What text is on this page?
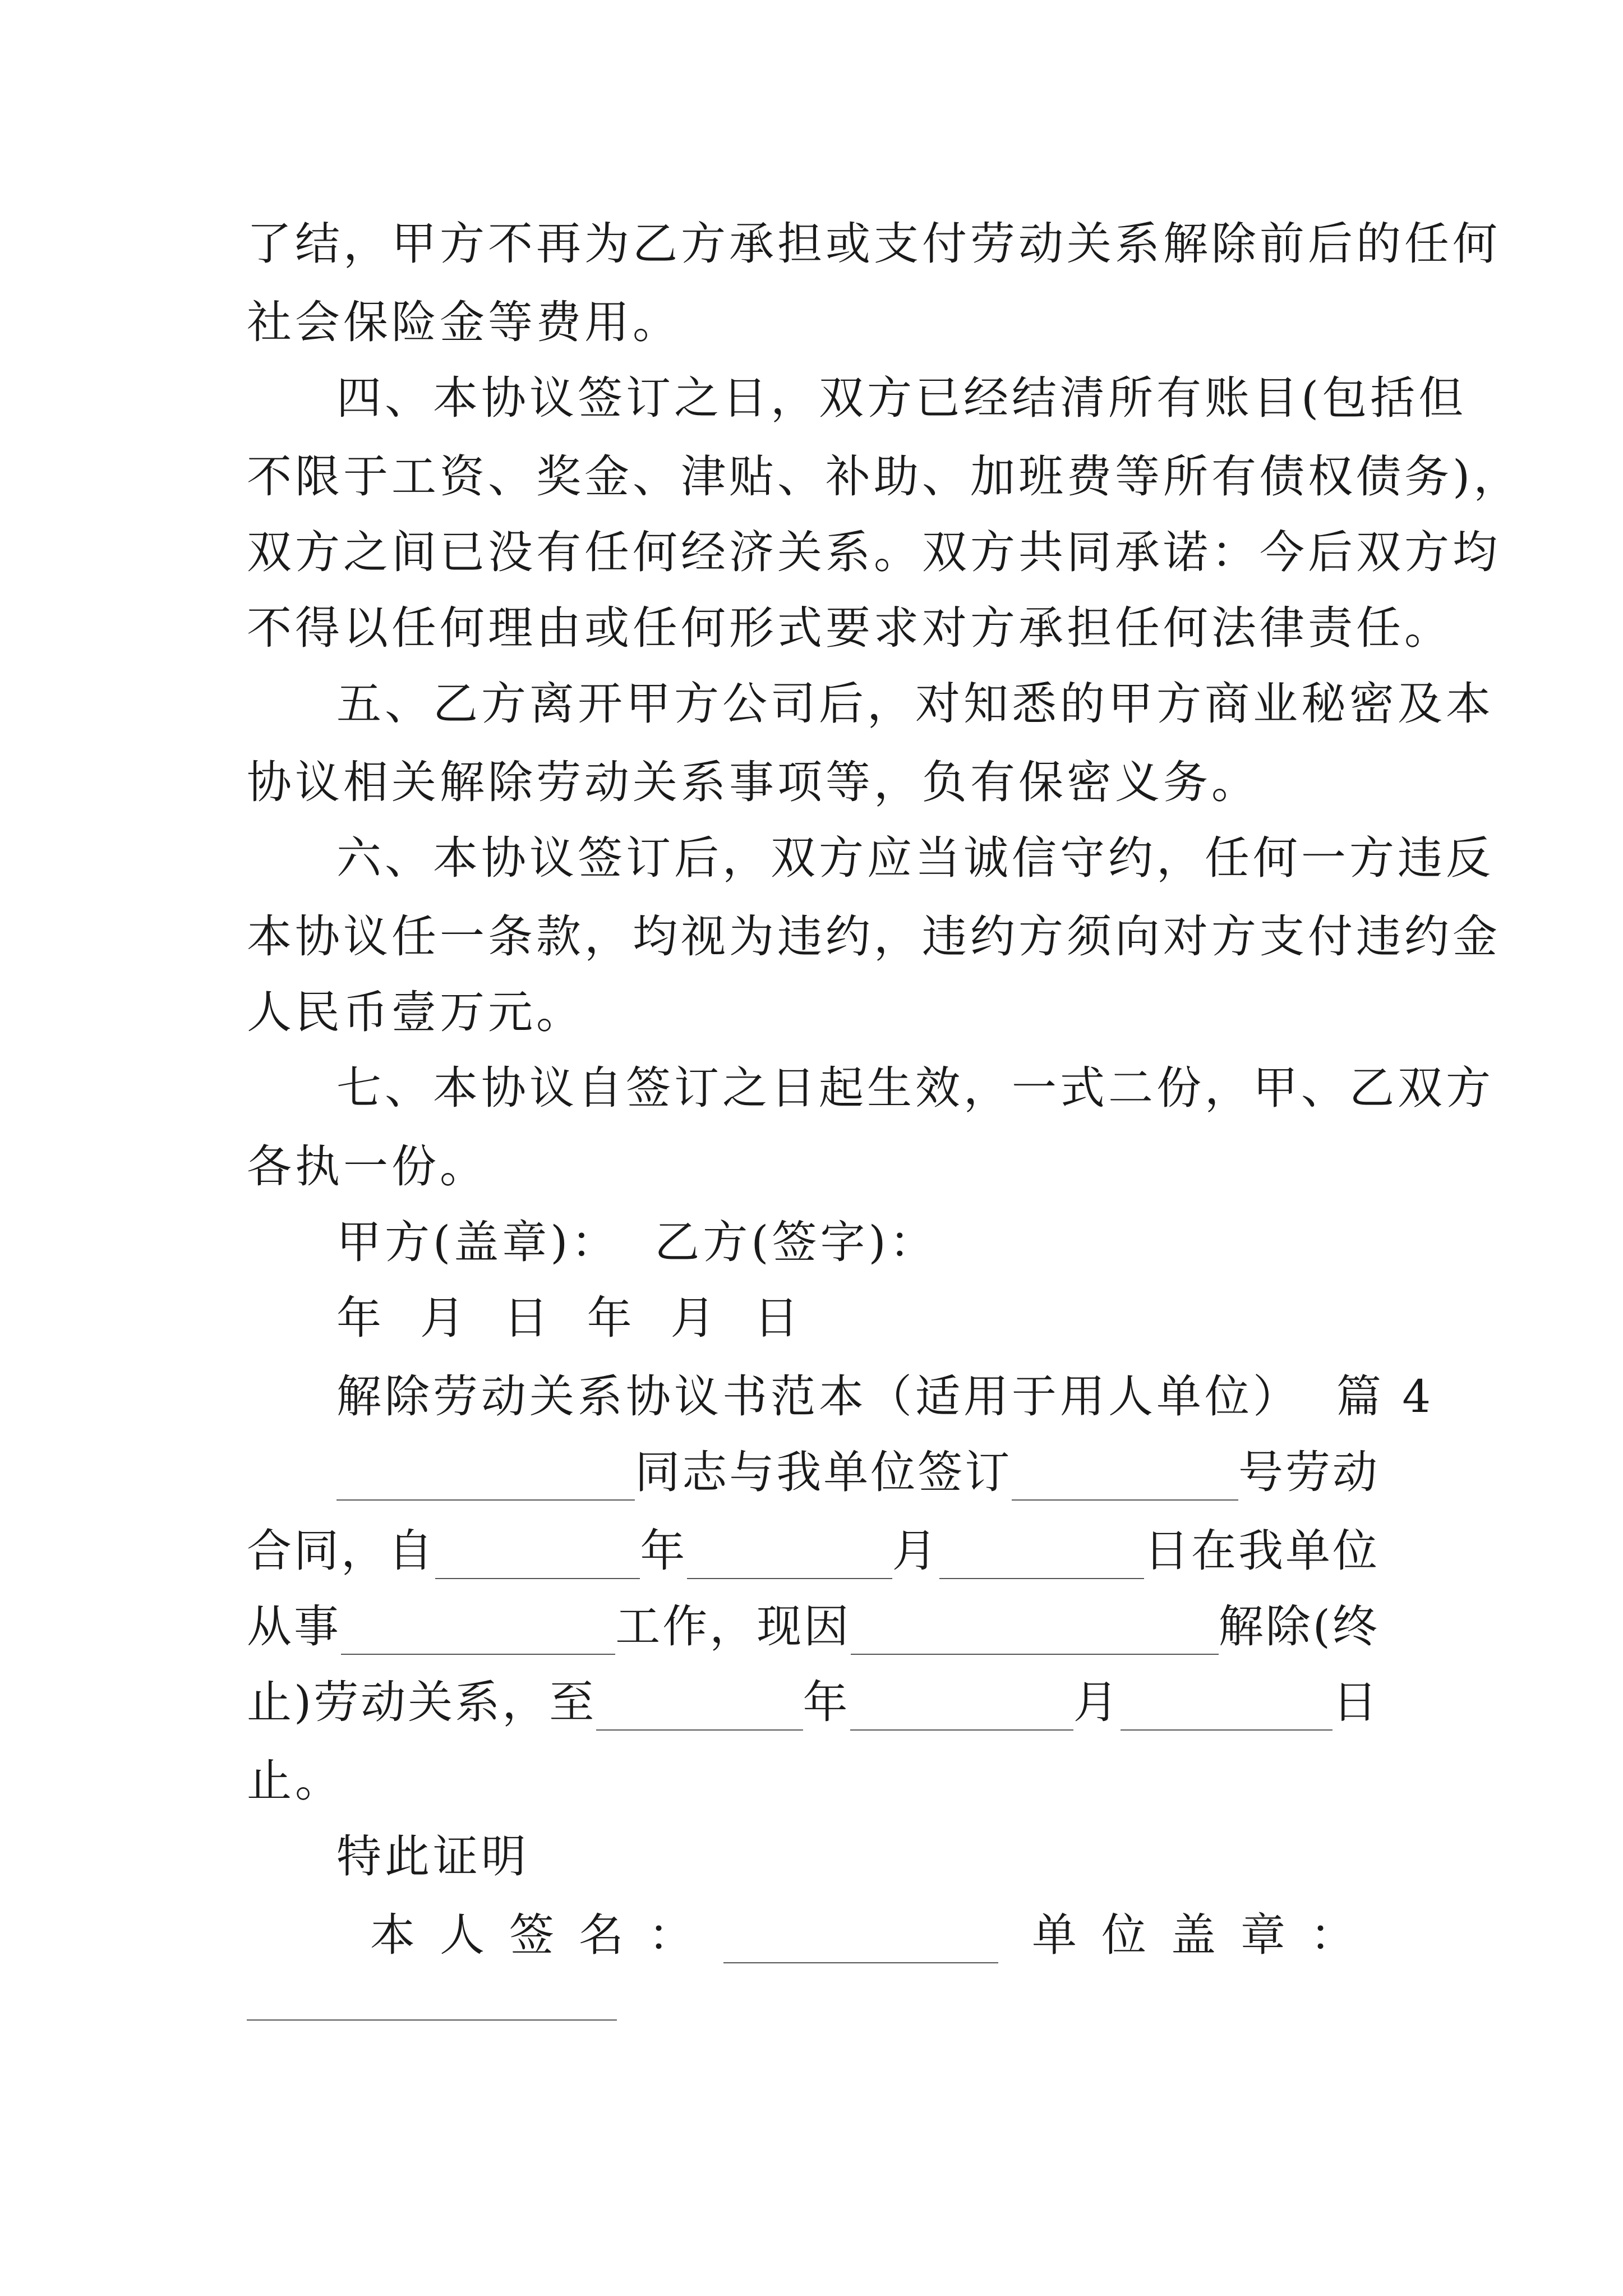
了结，甲方不再为乙方承担或支付劳动关系解除前后的任何
社会保险金等费用。
四、本协议签订之日，双方已经结清所有账目(包括但
不限于工资、奖金、津贴、补助、加班费等所有债权债务)，
双方之间已没有任何经济关系。双方共同承诺：今后双方均
不得以任何理由或任何形式要求对方承担任何法律责任。
五、乙方离开甲方公司后，对知悉的甲方商业秘密及本
协议相关解除劳动关系事项等，负有保密义务。
六、本协议签订后，双方应当诚信守约，任何一方违反
本协议任一条款，均视为违约，违约方须向对方支付违约金
人民币壹万元。
七、本协议自签订之日起生效，一式二份，甲、乙双方
各执一份。
甲方(盖章)：  乙方(签字)：
年  月  日  年  月  日
解除劳动关系协议书范本（适用于用人单位）  篇 4
同志与我单位签订	号劳动
合同，自	年	月	日在我单位
从事	工作，现因	解除(终
止)劳动关系，至	年	月	日
止。
特此证明
本人签名：	单位盖章：
